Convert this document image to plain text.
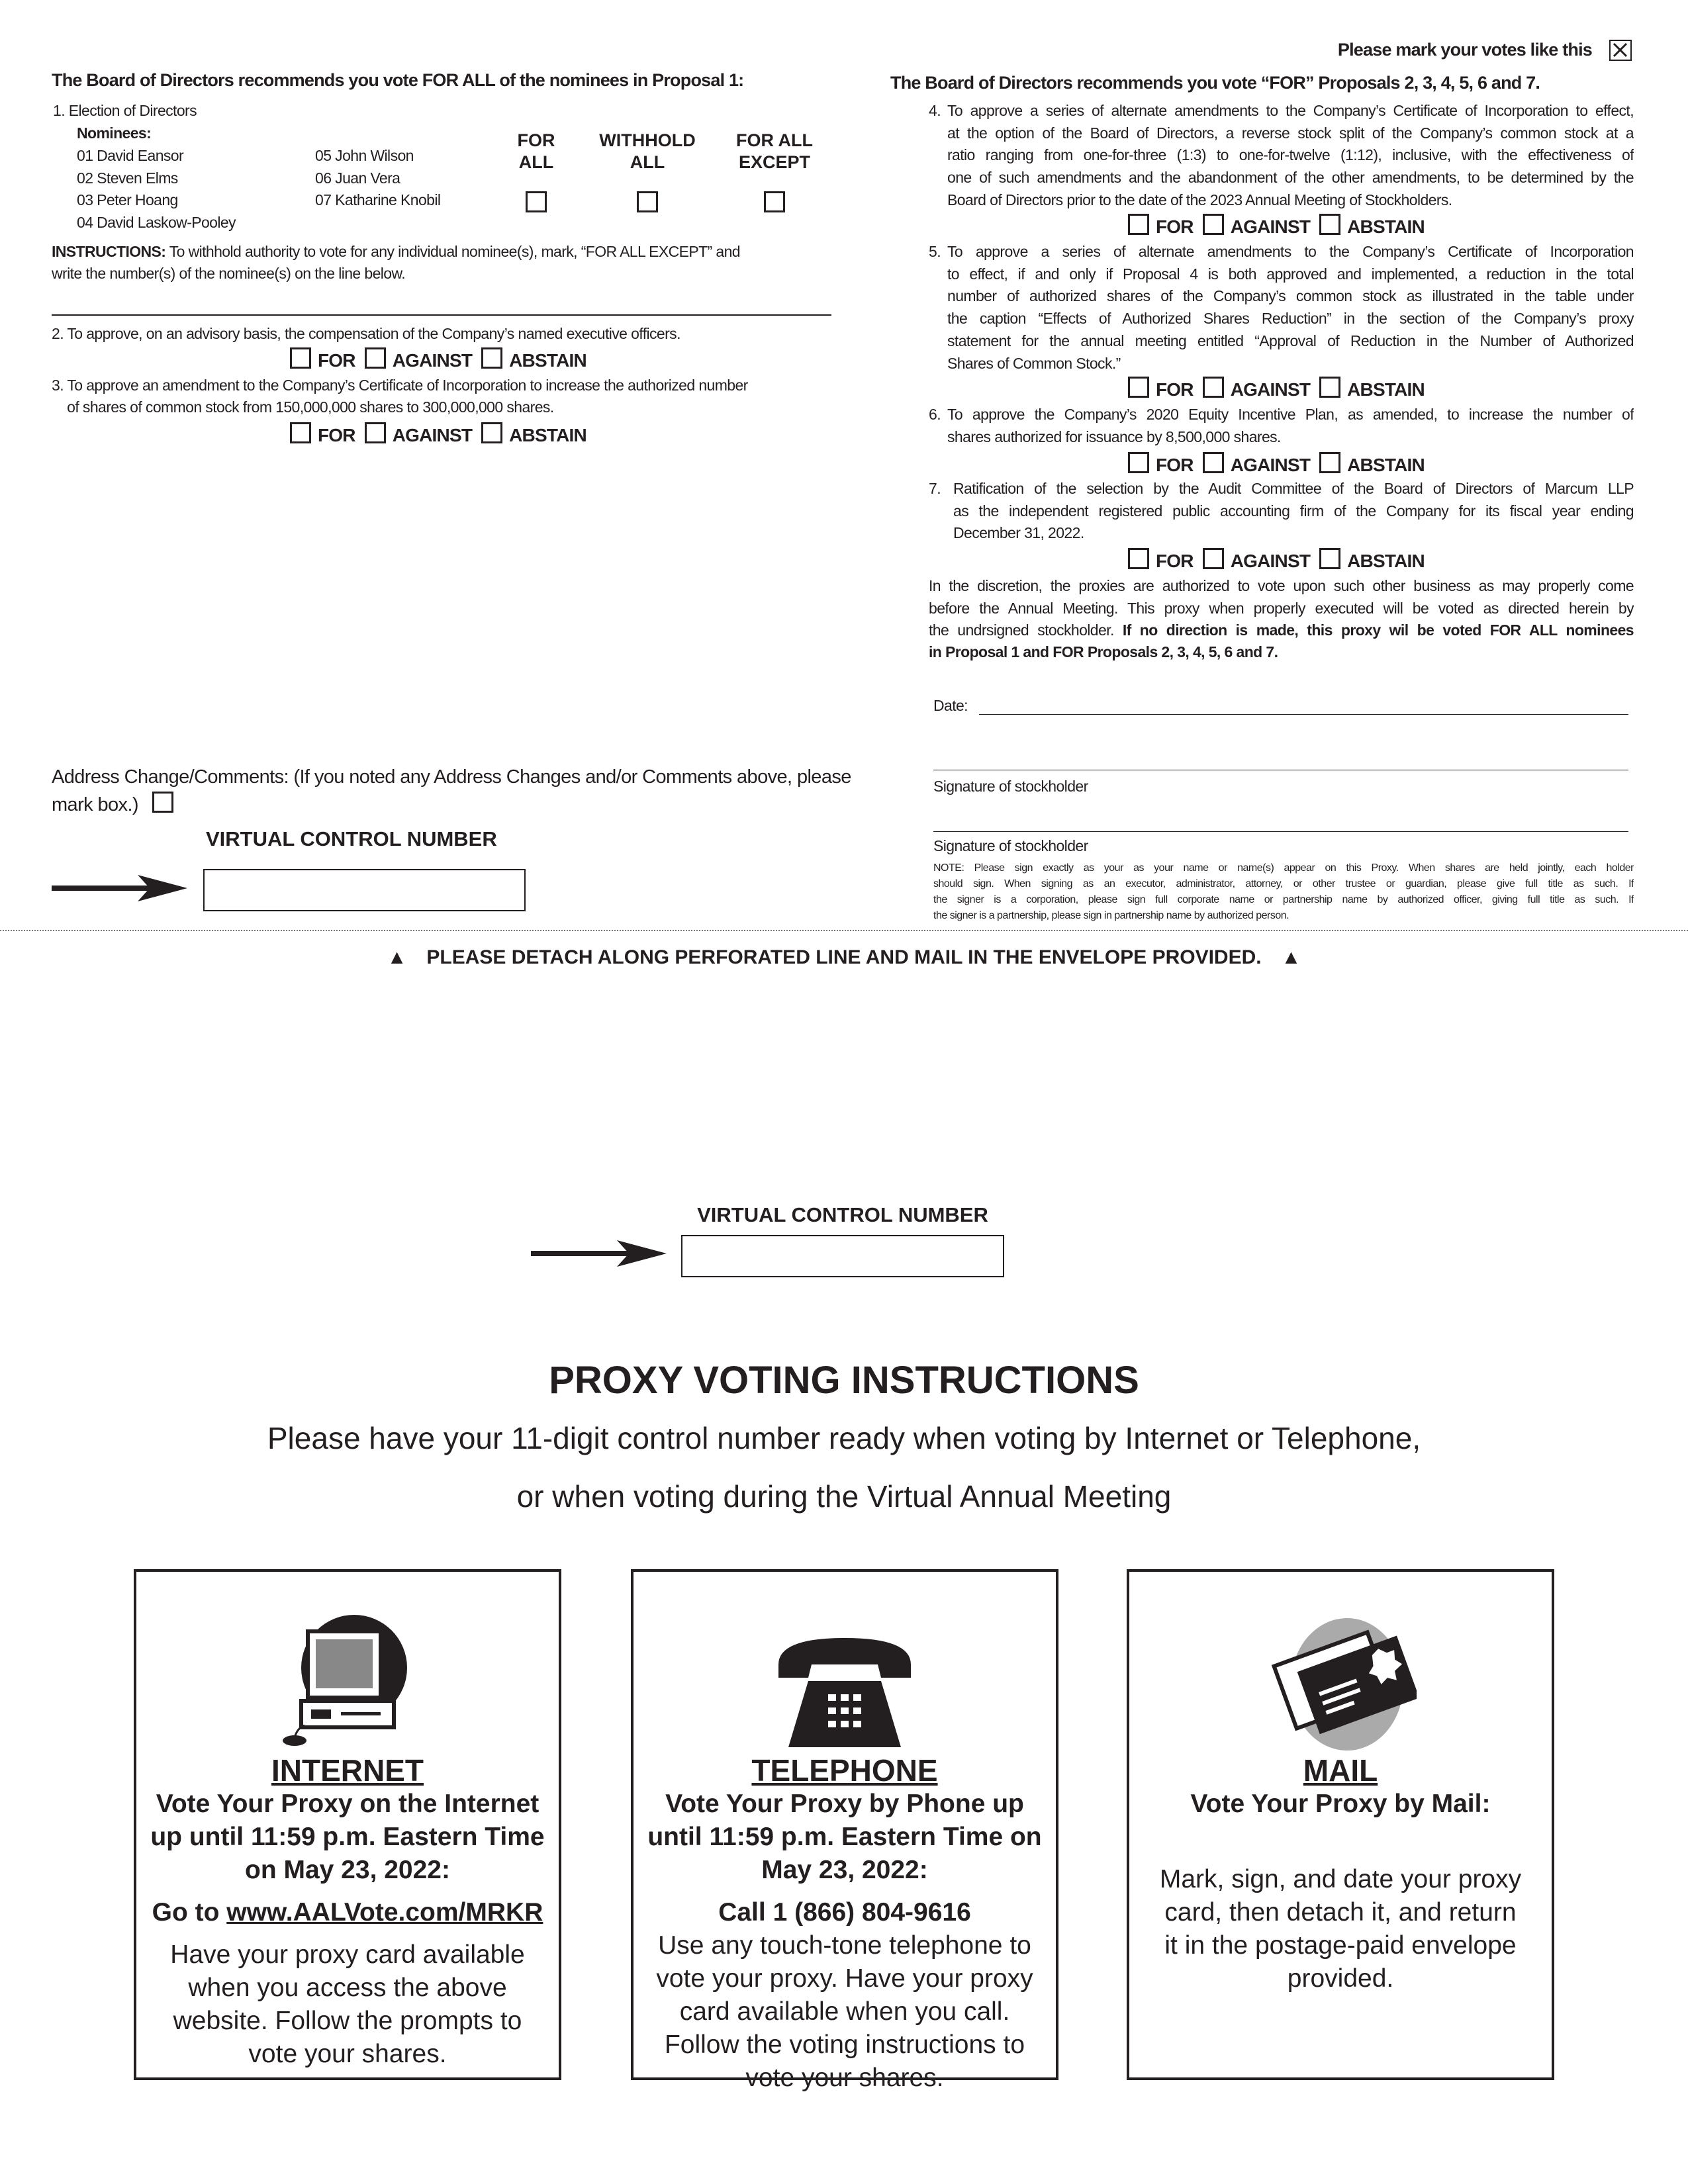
Please mark your votes like this
The Board of Directors recommends you vote FOR ALL of the nominees in Proposal 1:
1. Election of Directors
Nominees:
01 David Eansor
02 Steven Elms
03 Peter Hoang
04 David Laskow-Pooley
05 John Wilson
06 Juan Vera
07 Katharine Knobil
FOR
ALL
WITHHOLD
ALL
FOR ALL
EXCEPT
INSTRUCTIONS: To withhold authority to vote for any individual nominee(s), mark, “FOR ALL EXCEPT” and
write the number(s) of the nominee(s) on the line below.
2. To approve, on an advisory basis, the compensation of the Company’s named executive officers.
FOR AGAINST ABSTAIN
3. To approve an amendment to the Company’s Certificate of Incorporation to increase the authorized number
of shares of common stock from 150,000,000 shares to 300,000,000 shares.
FOR AGAINST ABSTAIN
Address Change/Comments: (If you noted any Address Changes and/or Comments above, please
mark box.)
VIRTUAL CONTROL NUMBER
The Board of Directors recommends you vote “FOR” Proposals 2, 3, 4, 5, 6 and 7.
4. To approve a series of alternate amendments to the Company’s Certificate of Incorporation to effect,
at the option of the Board of Directors, a reverse stock split of the Company’s common stock at a
ratio ranging from one-for-three (1:3) to one-for-twelve (1:12), inclusive, with the effectiveness of
one of such amendments and the abandonment of the other amendments, to be determined by the
Board of Directors prior to the date of the 2023 Annual Meeting of Stockholders.
FOR AGAINST ABSTAIN
5. To approve a series of alternate amendments to the Company’s Certificate of Incorporation
to effect, if and only if Proposal 4 is both approved and implemented, a reduction in the total
number of authorized shares of the Company’s common stock as illustrated in the table under
the caption “Effects of Authorized Shares Reduction” in the section of the Company’s proxy
statement for the annual meeting entitled “Approval of Reduction in the Number of Authorized
Shares of Common Stock.”
FOR AGAINST ABSTAIN
6. To approve the Company’s 2020 Equity Incentive Plan, as amended, to increase the number of
shares authorized for issuance by 8,500,000 shares.
FOR AGAINST ABSTAIN
7. Ratification of the selection by the Audit Committee of the Board of Directors of Marcum LLP
as the independent registered public accounting firm of the Company for its fiscal year ending
December 31, 2022.
FOR AGAINST ABSTAIN
In the discretion, the proxies are authorized to vote upon such other business as may properly come
before the Annual Meeting. This proxy when properly executed will be voted as directed herein by
the undrsigned stockholder. If no direction is made, this proxy wil be voted FOR ALL nominees
in Proposal 1 and FOR Proposals 2, 3, 4, 5, 6 and 7.
Date:
Signature of stockholder
Signature of stockholder
NOTE: Please sign exactly as your as your name or name(s) appear on this Proxy. When shares are held jointly, each holder
should sign. When signing as an executor, administrator, attorney, or other trustee or guardian, please give full title as such. If
the signer is a corporation, please sign full corporate name or partnership name by authorized officer, giving full title as such. If
the signer is a partnership, please sign in partnership name by authorized person.
▲ PLEASE DETACH ALONG PERFORATED LINE AND MAIL IN THE ENVELOPE PROVIDED. ▲
VIRTUAL CONTROL NUMBER
PROXY VOTING INSTRUCTIONS
Please have your 11-digit control number ready when voting by Internet or Telephone,
or when voting during the Virtual Annual Meeting
INTERNET
Vote Your Proxy on the Internet
up until 11:59 p.m. Eastern Time
on May 23, 2022:
Go to www.AALVote.com/MRKR
Have your proxy card available
when you access the above
website. Follow the prompts to
vote your shares.
TELEPHONE
Vote Your Proxy by Phone up
until 11:59 p.m. Eastern Time on
May 23, 2022:
Call 1 (866) 804-9616
Use any touch-tone telephone to
vote your proxy. Have your proxy
card available when you call.
Follow the voting instructions to
vote your shares.
MAIL
Vote Your Proxy by Mail:
Mark, sign, and date your proxy
card, then detach it, and return
it in the postage-paid envelope
provided.
